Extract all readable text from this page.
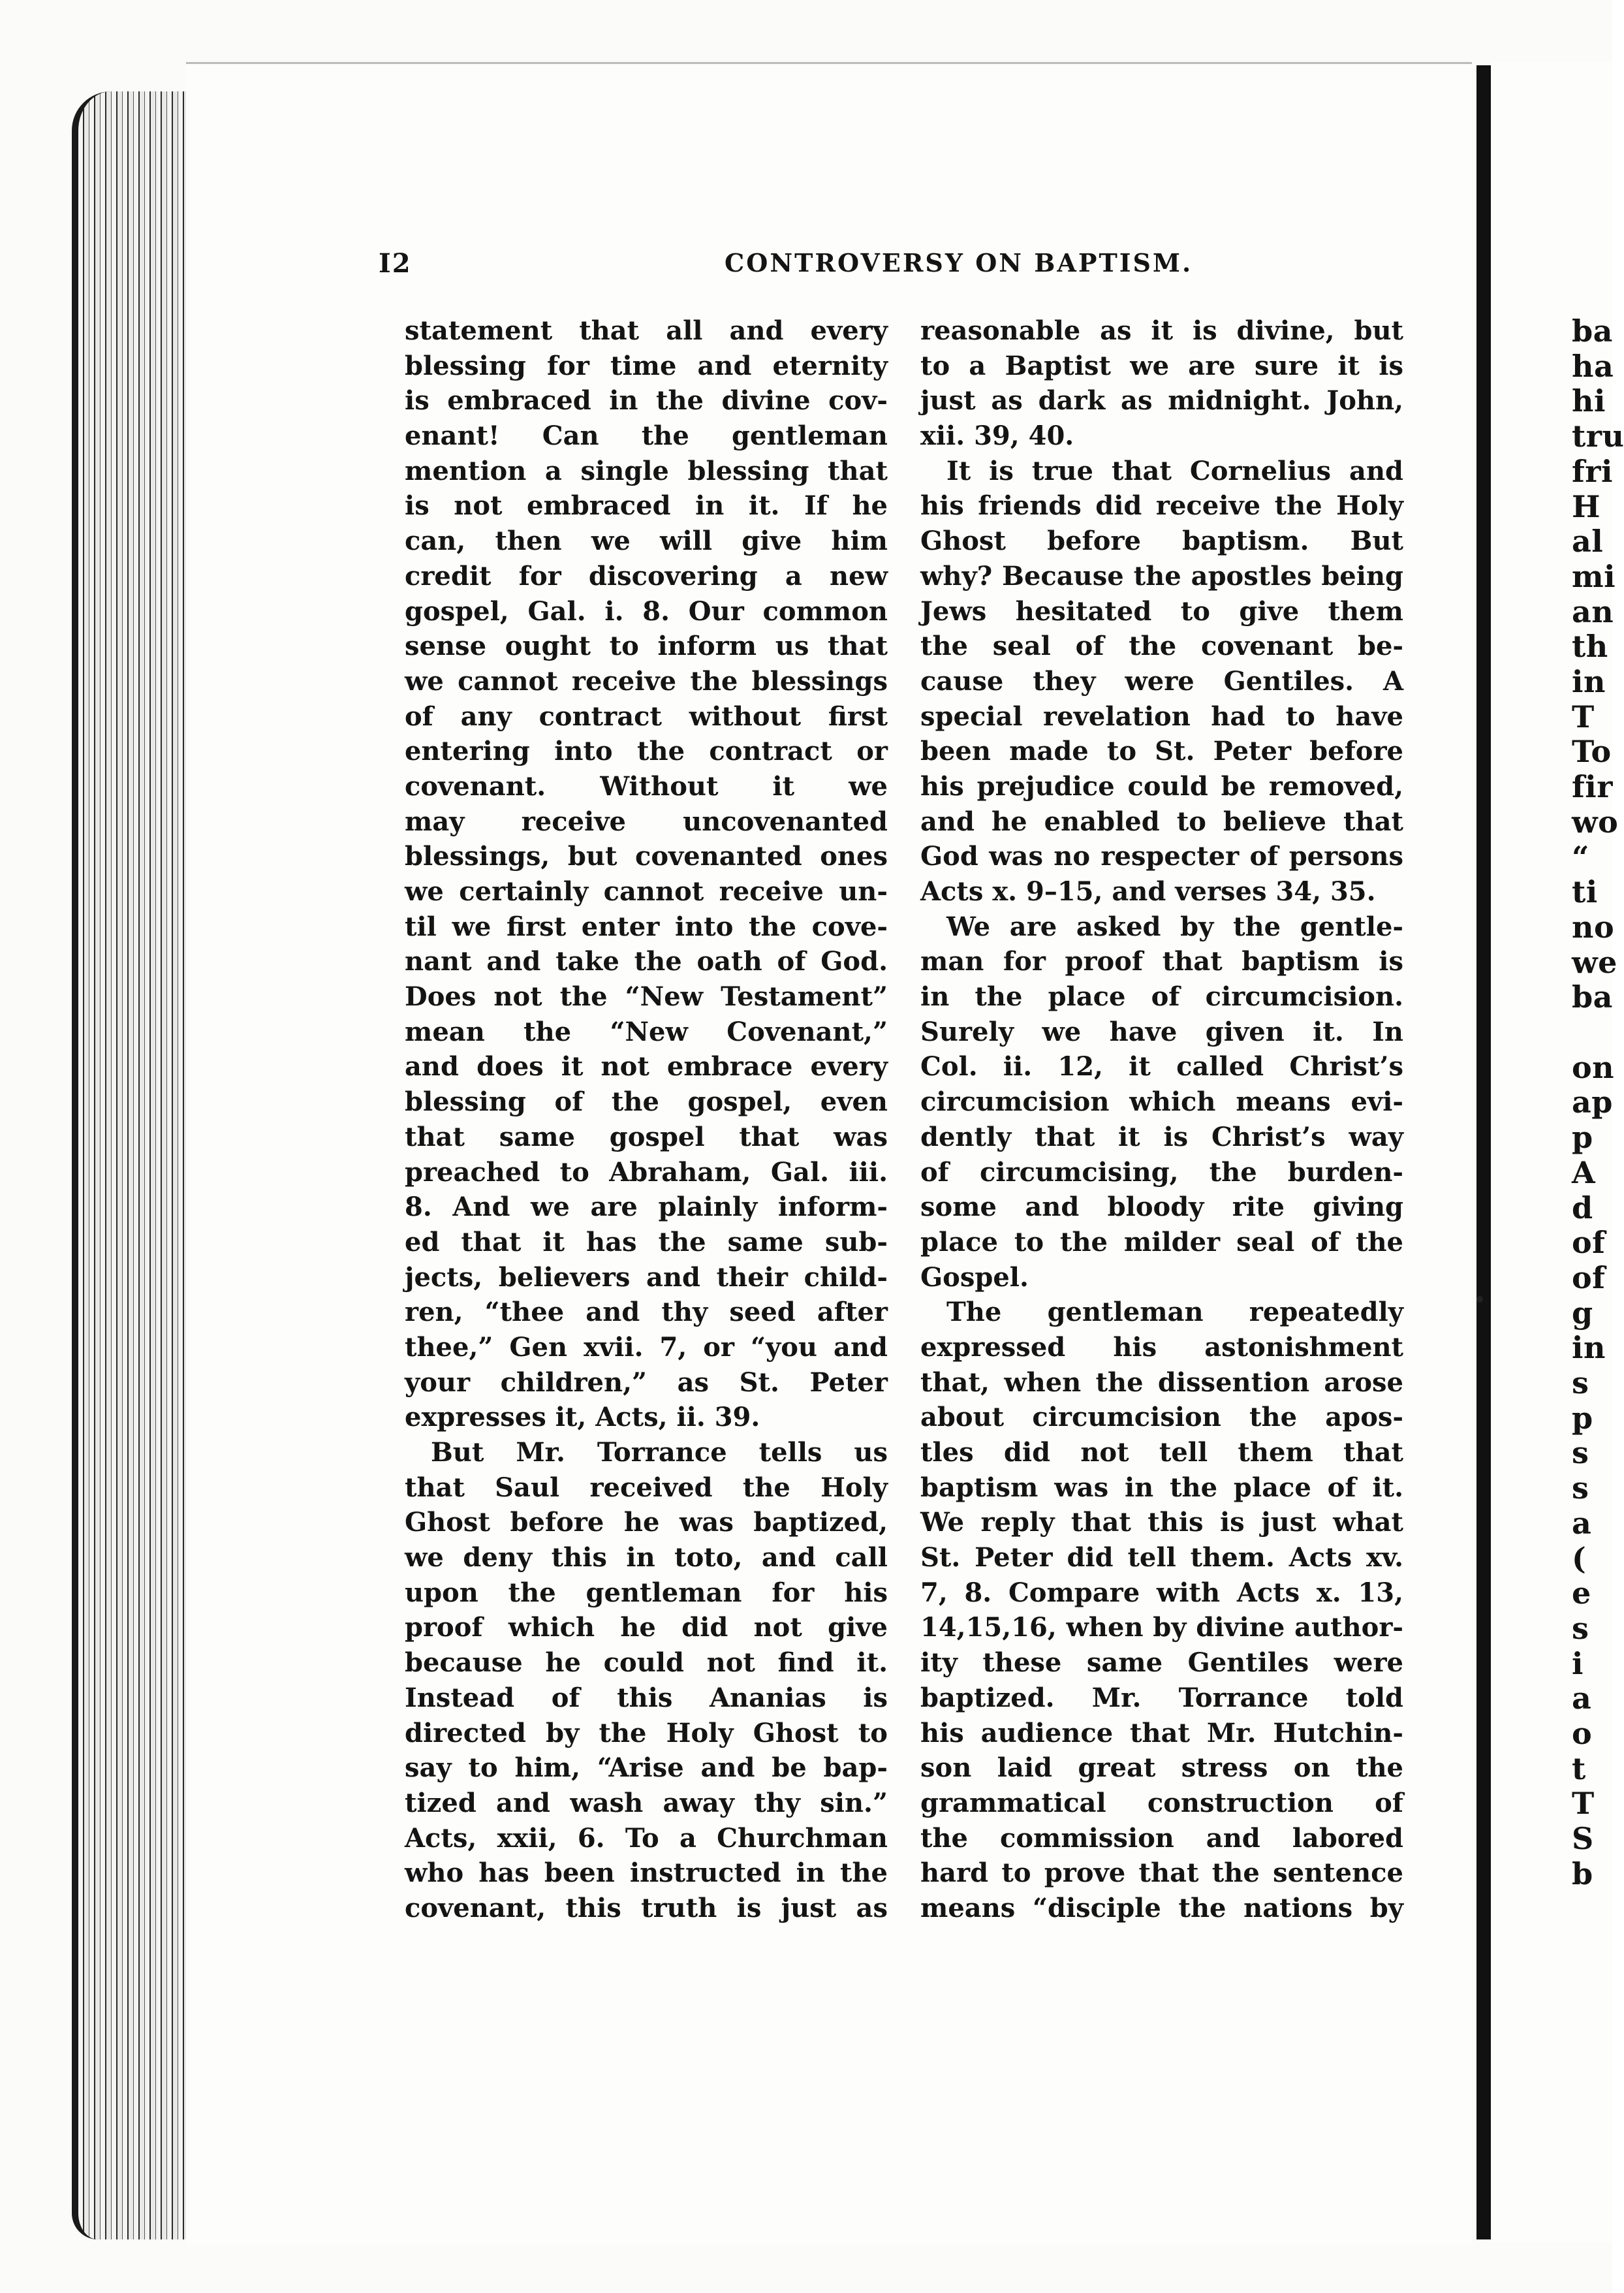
I2	CONTROVERSY ON BAPTISM.
statement that all and every
blessing for time and eternity
is embraced in the divine cov-
enant! Can the gentleman
mention a single blessing that
is not embraced in it. If he
can, then we will give him
credit for discovering a new
gospel, Gal. i. 8. Our common
sense ought to inform us that
we cannot receive the blessings
of any contract without first
entering into the contract or
covenant. Without it we
may receive uncovenanted
blessings, but covenanted ones
we certainly cannot receive un-
til we first enter into the cove-
nant and take the oath of God.
Does not the “New Testament”
mean the “New Covenant,”
and does it not embrace every
blessing of the gospel, even
that same gospel that was
preached to Abraham, Gal. iii.
8. And we are plainly inform-
ed that it has the same sub-
jects, believers and their child-
ren, “thee and thy seed after
thee,” Gen xvii. 7, or “you and
your children,” as St. Peter
expresses it, Acts, ii. 39.
 But Mr. Torrance tells us
that Saul received the Holy
Ghost before he was baptized,
we deny this in toto, and call
upon the gentleman for his
proof which he did not give
because he could not find it.
Instead of this Ananias is
directed by the Holy Ghost to
say to him, “Arise and be bap-
tized and wash away thy sin.”
Acts, xxii, 6. To a Churchman
who has been instructed in the
covenant, this truth is just as
reasonable as it is divine, but
to a Baptist we are sure it is
just as dark as midnight. John,
xii. 39, 40.
 It is true that Cornelius and
his friends did receive the Holy
Ghost before baptism. But
why? Because the apostles being
Jews hesitated to give them
the seal of the covenant be-
cause they were Gentiles. A
special revelation had to have
been made to St. Peter before
his prejudice could be removed,
and he enabled to believe that
God was no respecter of persons
Acts x. 9–15, and verses 34, 35.
 We are asked by the gentle-
man for proof that baptism is
in the place of circumcision.
Surely we have given it. In
Col. ii. 12, it called Christ’s
circumcision which means evi-
dently that it is Christ’s way
of circumcising, the burden-
some and bloody rite giving
place to the milder seal of the
Gospel.
 The gentleman repeatedly
expressed his astonishment
that, when the dissention arose
about circumcision the apos-
tles did not tell them that
baptism was in the place of it.
We reply that this is just what
St. Peter did tell them. Acts xv.
7, 8. Compare with Acts x. 13,
14,15,16, when by divine author-
ity these same Gentiles were
baptized. Mr. Torrance told
his audience that Mr. Hutchin-
son laid great stress on the
grammatical construction of
the commission and labored
hard to prove that the sentence
means “disciple the nations by
ba
ha
hi
tru
fri
H
al
mi
an
th
in
T
To
fir
wo
“
ti
no
we
ba
on
ap
p
A
d
of
of
g
in
s
p
s
s
a
(
e
s
i
a
o
t
T
S
b
